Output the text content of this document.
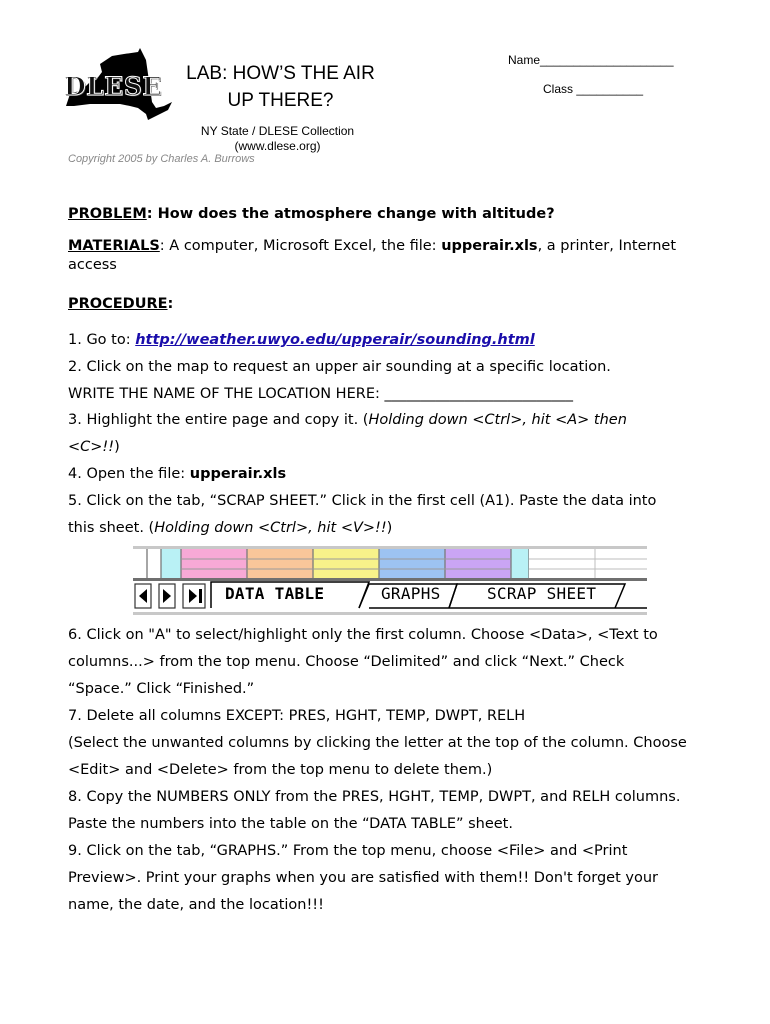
DLESE	LAB: HOW’S THE AIR
UP THERE?
NY State / DLESE Collection
(www.dlese.org)
Copyright 2005 by Charles A. Burrows
Name____________________
Class __________
PROBLEM: How does the atmosphere change with altitude?
MATERIALS: A computer, Microsoft Excel, the file: upperair.xls, a printer, Internet
access
PROCEDURE:
1. Go to: http://weather.uwyo.edu/upperair/sounding.html
2. Click on the map to request an upper air sounding at a specific location.
WRITE THE NAME OF THE LOCATION HERE: __________________________
3. Highlight the entire page and copy it. (Holding down <Ctrl>, hit <A> then
<C>!!)
4. Open the file: upperair.xls
5. Click on the tab, “SCRAP SHEET.” Click in the first cell (A1). Paste the data into
this sheet. (Holding down <Ctrl>, hit <V>!!)
DATA TABLE	GRAPHS	SCRAP SHEET
6. Click on "A" to select/highlight only the first column. Choose <Data>, <Text to
columns...> from the top menu. Choose “Delimited” and click “Next.” Check
“Space.” Click “Finished.”
7. Delete all columns EXCEPT: PRES, HGHT, TEMP, DWPT, RELH
(Select the unwanted columns by clicking the letter at the top of the column. Choose
<Edit> and <Delete> from the top menu to delete them.)
8. Copy the NUMBERS ONLY from the PRES, HGHT, TEMP, DWPT, and RELH columns.
Paste the numbers into the table on the “DATA TABLE” sheet.
9. Click on the tab, “GRAPHS.” From the top menu, choose <File> and <Print
Preview>. Print your graphs when you are satisfied with them!! Don't forget your
name, the date, and the location!!!
